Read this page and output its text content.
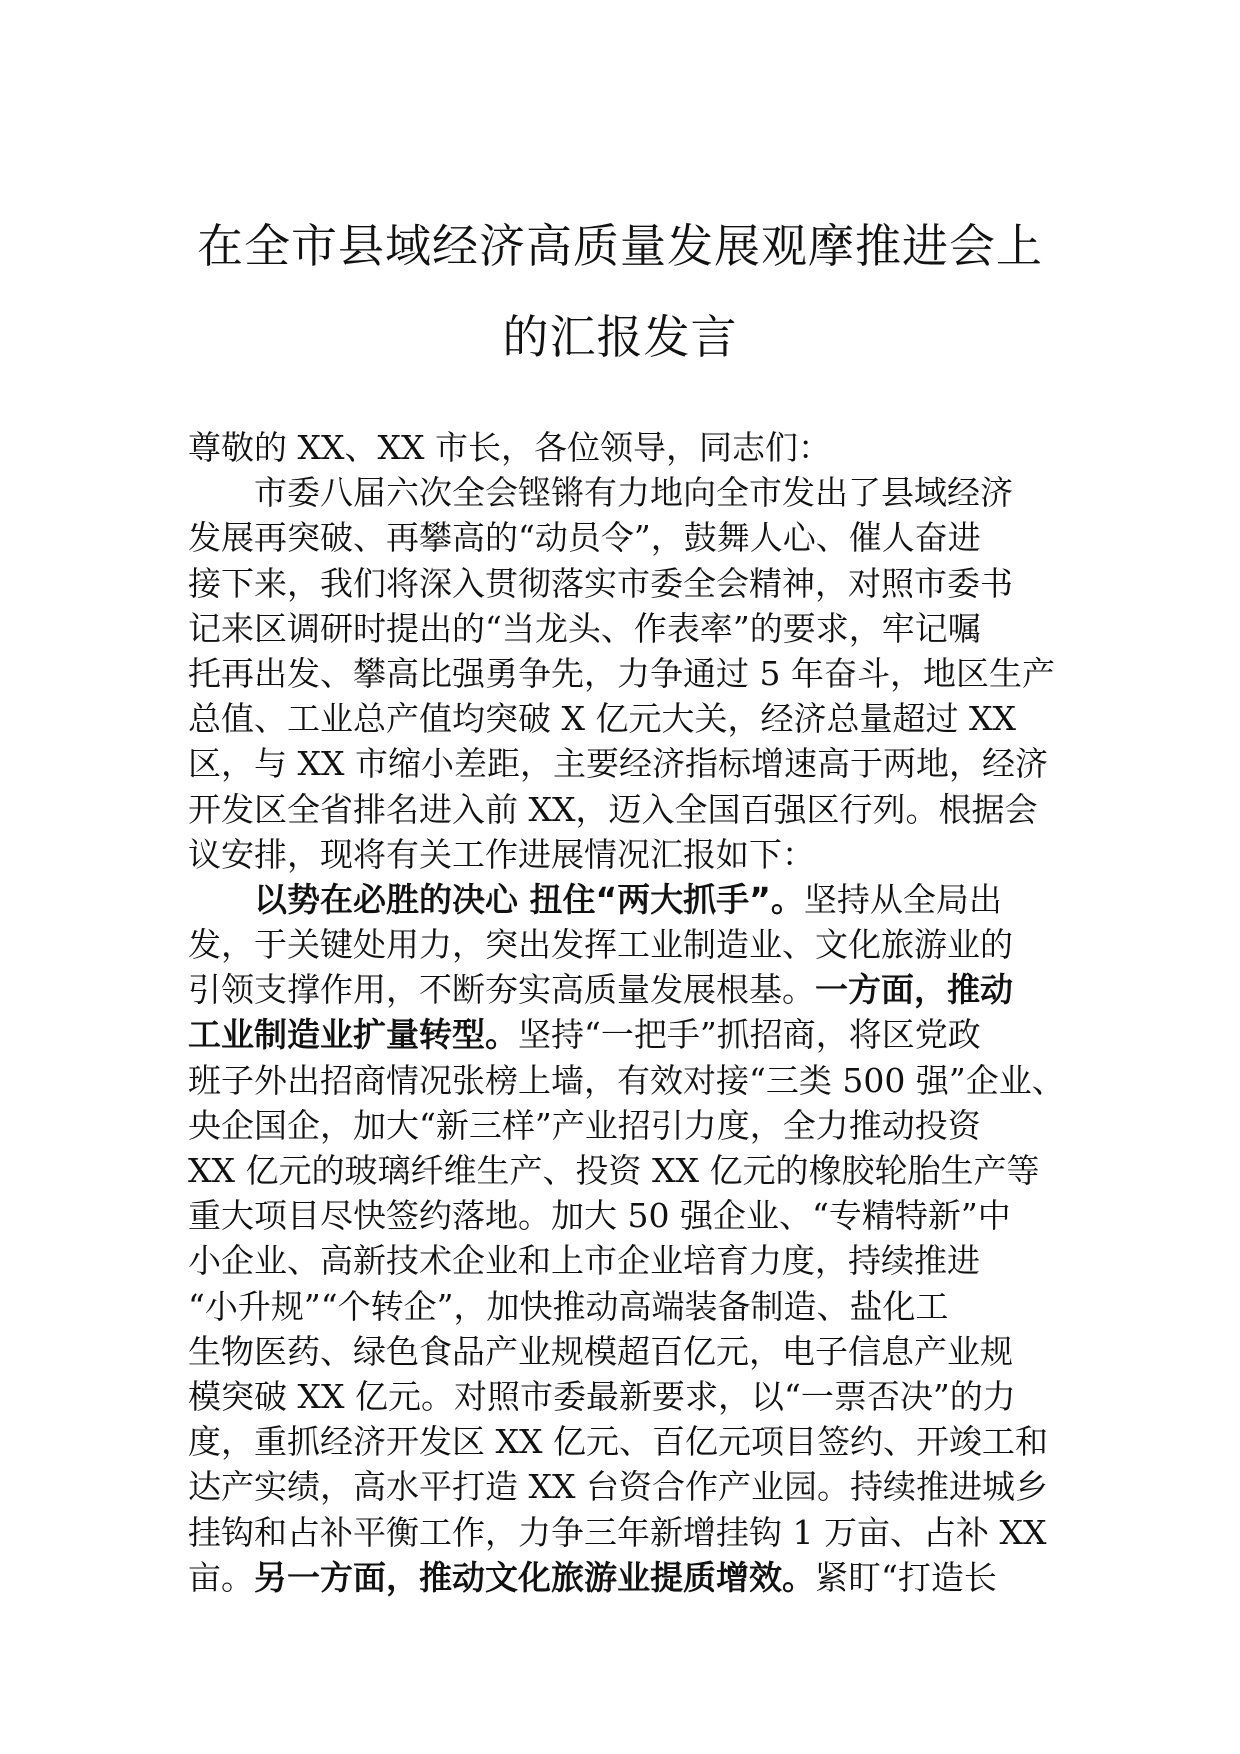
在全市县域经济高质量发展观摩推进会上
的汇报发言
尊敬的 XX、XX 市长，各位领导，同志们：
市委八届六次全会铿锵有力地向全市发出了县域经济
发展再突破、再攀高的“动员令”，鼓舞人心、催人奋进
接下来，我们将深入贯彻落实市委全会精神，对照市委书
记来区调研时提出的“当龙头、作表率”的要求，牢记嘱
托再出发、攀高比强勇争先，力争通过 5 年奋斗，地区生产
总值、工业总产值均突破 X 亿元大关，经济总量超过 XX
区，与 XX 市缩小差距，主要经济指标增速高于两地，经济
开发区全省排名进入前 XX，迈入全国百强区行列。根据会
议安排，现将有关工作进展情况汇报如下：
以势在必胜的决心 扭住“两大抓手”。坚持从全局出
发，于关键处用力，突出发挥工业制造业、文化旅游业的
引领支撑作用，不断夯实高质量发展根基。一方面，推动
工业制造业扩量转型。坚持“一把手”抓招商，将区党政
班子外出招商情况张榜上墙，有效对接“三类 500 强”企业、
央企国企，加大“新三样”产业招引力度，全力推动投资
XX 亿元的玻璃纤维生产、投资 XX 亿元的橡胶轮胎生产等
重大项目尽快签约落地。加大 50 强企业、“专精特新”中
小企业、高新技术企业和上市企业培育力度，持续推进
“小升规”“个转企”，加快推动高端装备制造、盐化工
生物医药、绿色食品产业规模超百亿元，电子信息产业规
模突破 XX 亿元。对照市委最新要求，以“一票否决”的力
度，重抓经济开发区 XX 亿元、百亿元项目签约、开竣工和
达产实绩，高水平打造 XX 台资合作产业园。持续推进城乡
挂钩和占补平衡工作，力争三年新增挂钩 1 万亩、占补 XX
亩。另一方面，推动文化旅游业提质增效。紧盯“打造长
